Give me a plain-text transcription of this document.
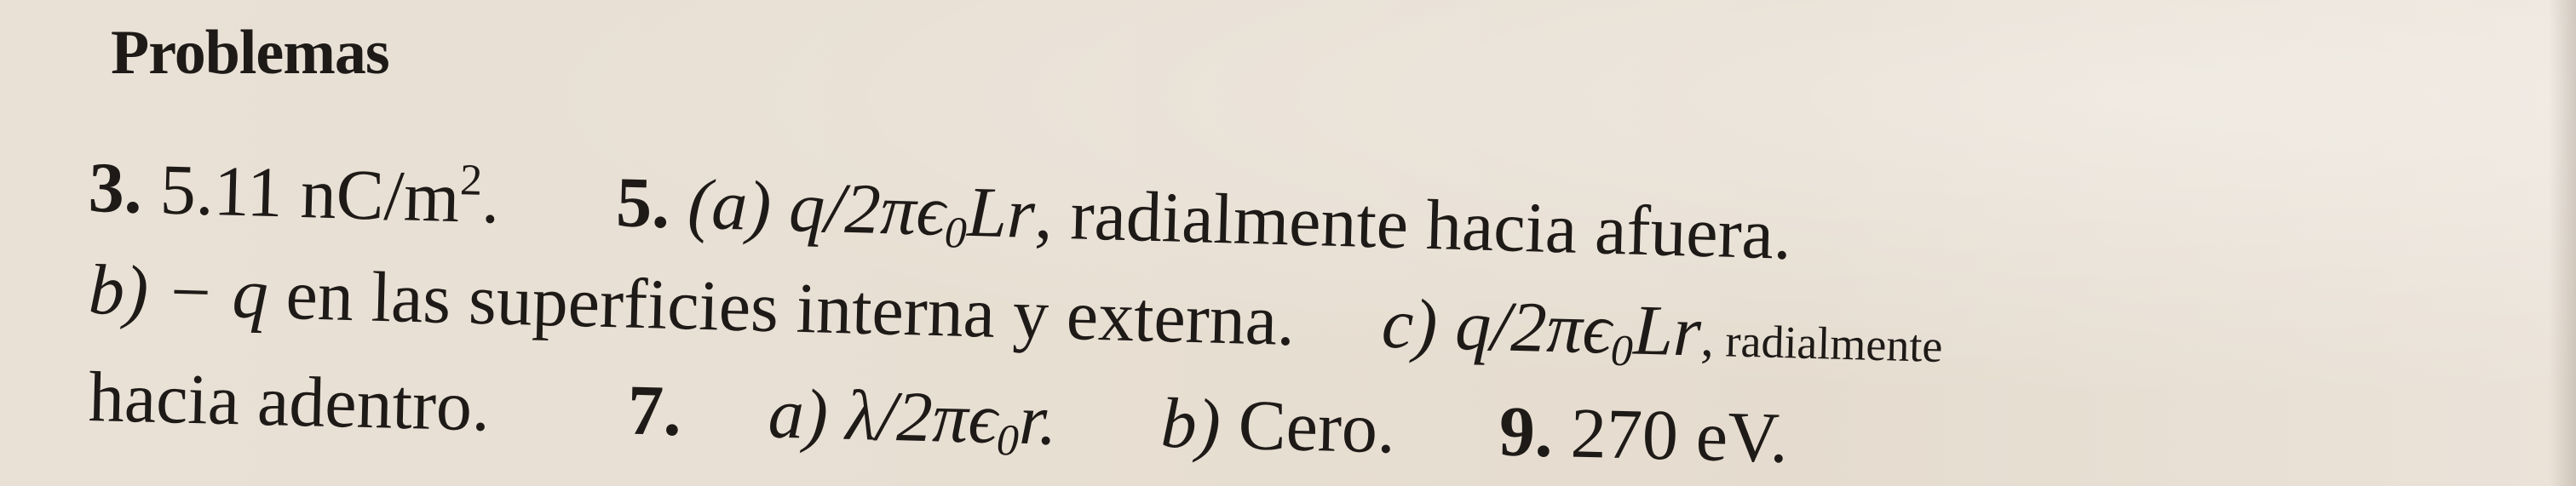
Problemas
3. 5.11 $nC/m^2$. 5. (a) $q/2\pi\epsilon_0Lr$, radialmente hacia afuera.
b) − q en las superficies interna y externa. c) $q/2\pi\epsilon_0Lr$, radialmente
hacia adentro. 7. a) $\lambda/2\pi\epsilon_0r$. b) Cero. 9. 270 eV.
